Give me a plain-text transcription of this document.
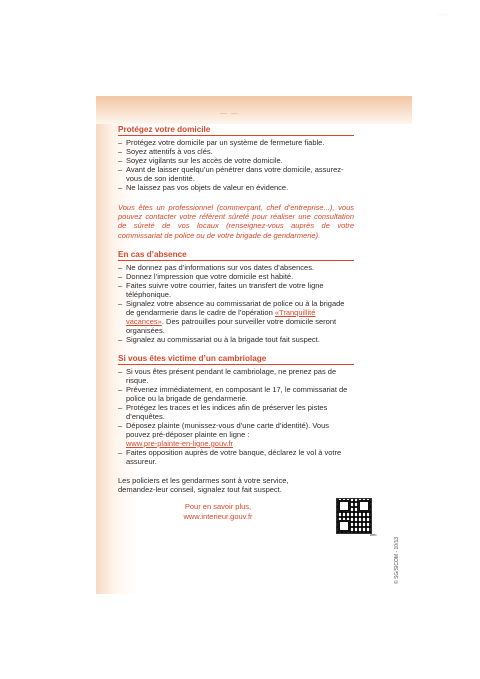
· · · ·
— —
Protégez votre domicile
– Protégez votre domicile par un système de fermeture fiable.
– Soyez attentifs à vos clés.
– Soyez vigilants sur les accès de votre domicile.
– Avant de laisser quelqu’un pénétrer dans votre domicile, assurez-vous de son identité.
– Ne laissez pas vos objets de valeur en évidence.
Vous êtes un professionnel (commerçant, chef d’entreprise...), vous pouvez contacter votre référent sûreté pour réaliser une consultation de sûreté de vos locaux (renseignez-vous auprès de votre commissariat de police ou de votre brigade de gendarmerie).
En cas d’absence
– Ne donnez pas d’informations sur vos dates d’absences.
– Donnez l’impression que votre domicile est habité.
– Faites suivre votre courrier, faites un transfert de votre ligne téléphonique.
– Signalez votre absence au commissariat de police ou à la brigade de gendarmerie dans le cadre de l’opération «Tranquillité vacances». Des patrouilles pour surveiller votre domicile seront organisées.
– Signalez au commissariat ou à la brigade tout fait suspect.
Si vous êtes victime d’un cambriolage
– Si vous êtes présent pendant le cambriolage, ne prenez pas de risque.
– Prévenez immédiatement, en composant le 17, le commissariat de police ou la brigade de gendarmerie.
– Protégez les traces et les indices afin de préserver les pistes d’enquêtes.
– Déposez plainte (munissez-vous d’une carte d’identité). Vous pouvez pré-déposer plainte en ligne :
www.pre-plainte-en-ligne.gouv.fr
– Faites opposition auprès de votre banque, déclarez le vol à votre assureur.
Les policiers et les gendarmes sont à votre service, demandez-leur conseil, signalez tout fait suspect.
Pour en savoir plus,
www.interieur.gouv.fr
web
© SG/SICOM - 10/13
